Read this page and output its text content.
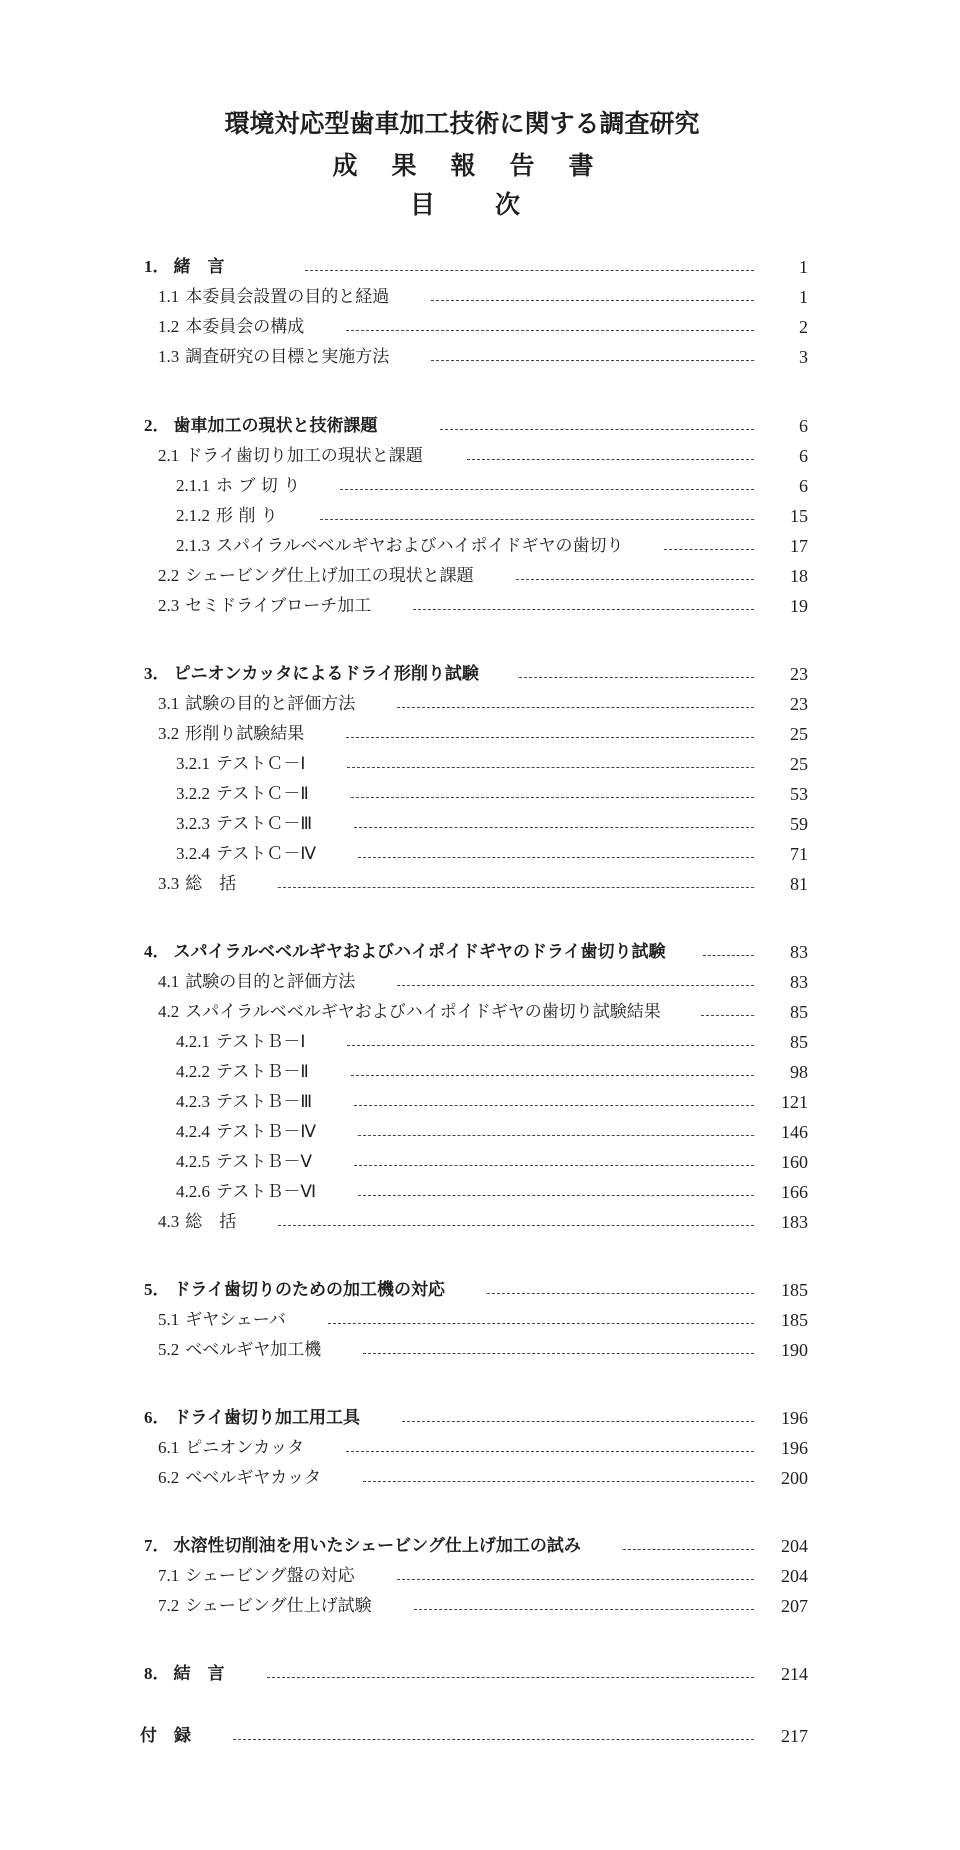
環境対応型歯車加工技術に関する調査研究
成果報告書
目次
1． 緒　言	1
1.1 本委員会設置の目的と経過	1
1.2 本委員会の構成	2
1.3 調査研究の目標と実施方法	3
2． 歯車加工の現状と技術課題	6
2.1 ドライ歯切り加工の現状と課題	6
2.1.1 ホ ブ 切 り	6
2.1.2 形 削 り	15
2.1.3 スパイラルベベルギヤおよびハイポイドギヤの歯切り	17
2.2 シェービング仕上げ加工の現状と課題	18
2.3 セミドライブローチ加工	19
3． ピニオンカッタによるドライ形削り試験	23
3.1 試験の目的と評価方法	23
3.2 形削り試験結果	25
3.2.1 テストＣ－Ⅰ	25
3.2.2 テストＣ－Ⅱ	53
3.2.3 テストＣ－Ⅲ	59
3.2.4 テストＣ－Ⅳ	71
3.3 総　括	81
4． スパイラルベベルギヤおよびハイポイドギヤのドライ歯切り試験	83
4.1 試験の目的と評価方法	83
4.2 スパイラルベベルギヤおよびハイポイドギヤの歯切り試験結果	85
4.2.1 テストＢ－Ⅰ	85
4.2.2 テストＢ－Ⅱ	98
4.2.3 テストＢ－Ⅲ	121
4.2.4 テストＢ－Ⅳ	146
4.2.5 テストＢ－Ⅴ	160
4.2.6 テストＢ－Ⅵ	166
4.3 総　括	183
5． ドライ歯切りのための加工機の対応	185
5.1 ギヤシェーバ	185
5.2 ベベルギヤ加工機	190
6． ドライ歯切り加工用工具	196
6.1 ピニオンカッタ	196
6.2 ベベルギヤカッタ	200
7． 水溶性切削油を用いたシェービング仕上げ加工の試み	204
7.1 シェービング盤の対応	204
7.2 シェービング仕上げ試験	207
8． 結　言	214
付　録	217
